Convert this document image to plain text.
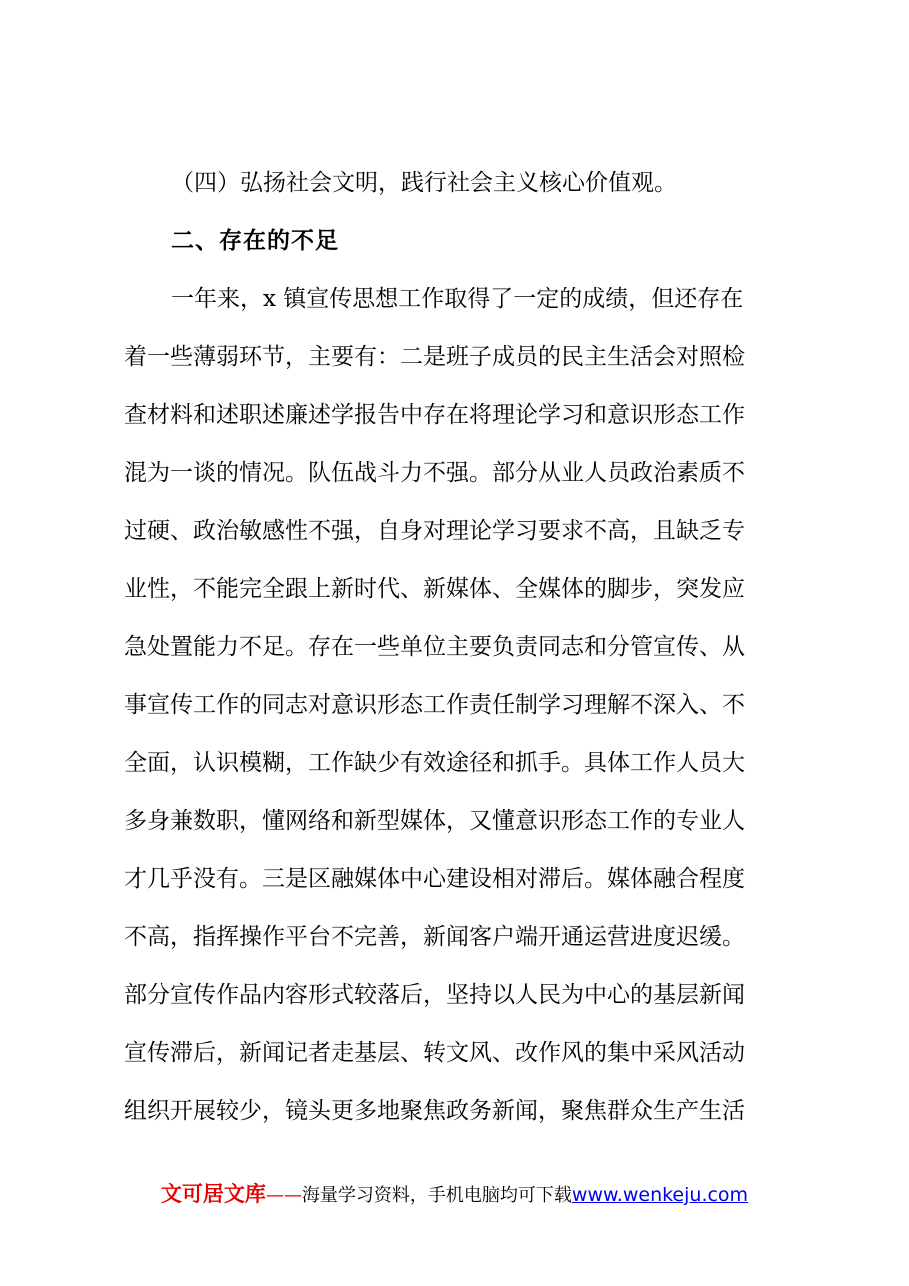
（四）弘扬社会文明，践行社会主义核心价值观。

二、存在的不足

一年来，x 镇宣传思想工作取得了一定的成绩，但还存在

着一些薄弱环节，主要有：二是班子成员的民主生活会对照检

查材料和述职述廉述学报告中存在将理论学习和意识形态工作

混为一谈的情况。队伍战斗力不强。部分从业人员政治素质不

过硬、政治敏感性不强，自身对理论学习要求不高，且缺乏专

业性，不能完全跟上新时代、新媒体、全媒体的脚步，突发应

急处置能力不足。存在一些单位主要负责同志和分管宣传、从

事宣传工作的同志对意识形态工作责任制学习理解不深入、不

全面，认识模糊，工作缺少有效途径和抓手。具体工作人员大

多身兼数职，懂网络和新型媒体，又懂意识形态工作的专业人

才几乎没有。三是区融媒体中心建设相对滞后。媒体融合程度

不高，指挥操作平台不完善，新闻客户端开通运营进度迟缓。

部分宣传作品内容形式较落后，坚持以人民为中心的基层新闻

宣传滞后，新闻记者走基层、转文风、改作风的集中采风活动

组织开展较少，镜头更多地聚焦政务新闻，聚焦群众生产生活

文可居文库——海量学习资料，手机电脑均可下载www.wenkeju.com
